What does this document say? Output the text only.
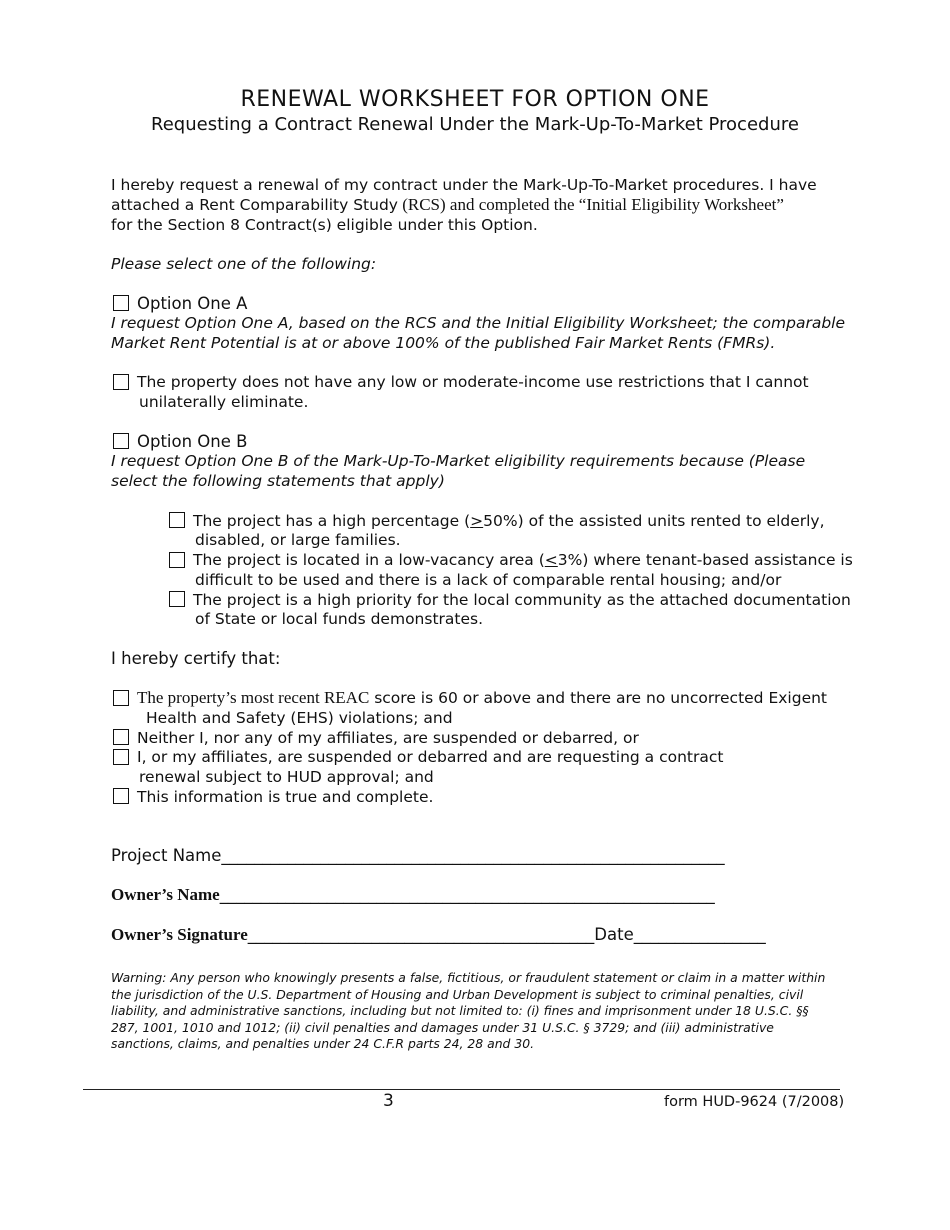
RENEWAL WORKSHEET FOR OPTION ONE
Requesting a Contract Renewal Under the Mark-Up-To-Market Procedure
I hereby request a renewal of my contract under the Mark-Up-To-Market procedures. I have
attached a Rent Comparability Study (RCS) and completed the “Initial Eligibility Worksheet”
for the Section 8 Contract(s) eligible under this Option.
Please select one of the following:
Option One A
I request Option One A, based on the RCS and the Initial Eligibility Worksheet; the comparable
Market Rent Potential is at or above 100% of the published Fair Market Rents (FMRs).
The property does not have any low or moderate-income use restrictions that I cannot
unilaterally eliminate.
Option One B
I request Option One B of the Mark-Up-To-Market eligibility requirements because (Please
select the following statements that apply)
The project has a high percentage (>50%) of the assisted units rented to elderly,
disabled, or large families.
The project is located in a low-vacancy area (<3%) where tenant-based assistance is
difficult to be used and there is a lack of comparable rental housing; and/or
The project is a high priority for the local community as the attached documentation
of State or local funds demonstrates.
I hereby certify that:
The property’s most recent REAC score is 60 or above and there are no uncorrected Exigent
Health and Safety (EHS) violations; and
Neither I, nor any of my affiliates, are suspended or debarred, or
I, or my affiliates, are suspended or debarred and are requesting a contract
renewal subject to HUD approval; and
This information is true and complete.
Project Name_____________________________________________________________
Owner’s Name____________________________________________________________
Owner’s Signature__________________________________________Date________________
Warning: Any person who knowingly presents a false, fictitious, or fraudulent statement or claim in a matter within
the jurisdiction of the U.S. Department of Housing and Urban Development is subject to criminal penalties, civil
liability, and administrative sanctions, including but not limited to: (i) fines and imprisonment under 18 U.S.C. §§
287, 1001, 1010 and 1012; (ii) civil penalties and damages under 31 U.S.C. § 3729; and (iii) administrative
sanctions, claims, and penalties under 24 C.F.R parts 24, 28 and 30.
3	form HUD-9624 (7/2008)
